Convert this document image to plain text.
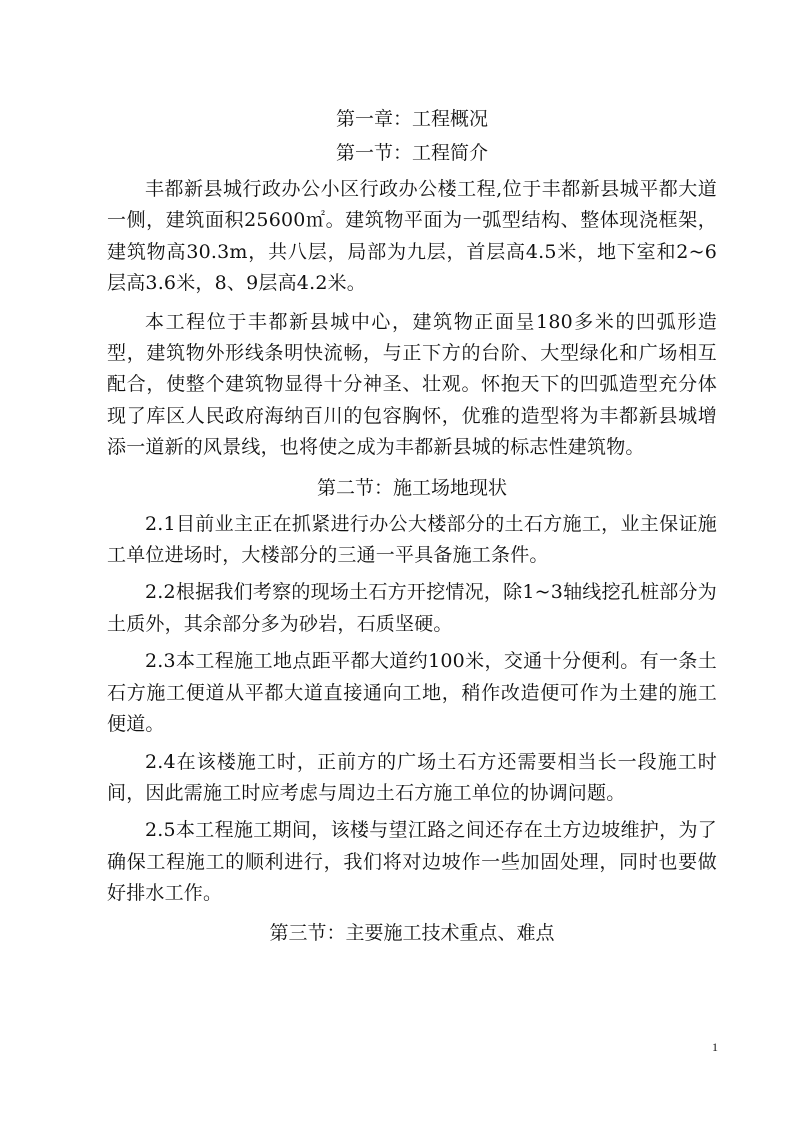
第一章：工程概况
第一节：工程简介

丰都新县城行政办公小区行政办公楼工程,位于丰都新县城平都大道一侧，建筑面积25600㎡。建筑物平面为一弧型结构、整体现浇框架，建筑物高30.3m，共八层，局部为九层，首层高4.5米，地下室和2~6层高3.6米，8、9层高4.2米。

本工程位于丰都新县城中心，建筑物正面呈180多米的凹弧形造型，建筑物外形线条明快流畅，与正下方的台阶、大型绿化和广场相互配合，使整个建筑物显得十分神圣、壮观。怀抱天下的凹弧造型充分体现了库区人民政府海纳百川的包容胸怀，优雅的造型将为丰都新县城增添一道新的风景线，也将使之成为丰都新县城的标志性建筑物。

第二节：施工场地现状

2.1目前业主正在抓紧进行办公大楼部分的土石方施工，业主保证施工单位进场时，大楼部分的三通一平具备施工条件。

2.2根据我们考察的现场土石方开挖情况，除1~3轴线挖孔桩部分为土质外，其余部分多为砂岩，石质坚硬。

2.3本工程施工地点距平都大道约100米，交通十分便利。有一条土石方施工便道从平都大道直接通向工地，稍作改造便可作为土建的施工便道。

2.4在该楼施工时，正前方的广场土石方还需要相当长一段施工时间，因此需施工时应考虑与周边土石方施工单位的协调问题。

2.5本工程施工期间，该楼与望江路之间还存在土方边坡维护，为了确保工程施工的顺利进行，我们将对边坡作一些加固处理，同时也要做好排水工作。

第三节：主要施工技术重点、难点
1
